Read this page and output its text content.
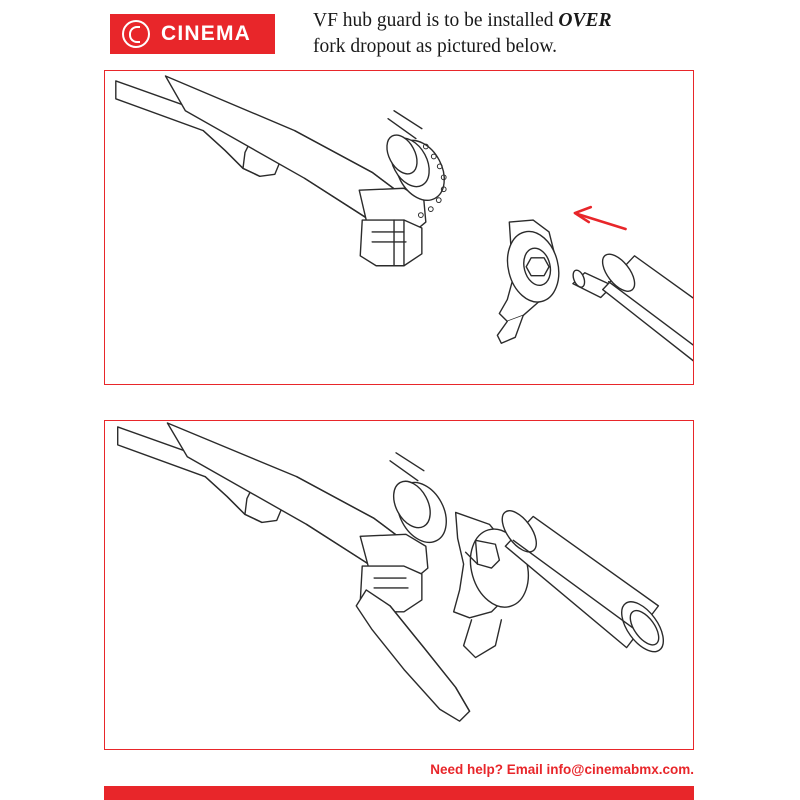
CINEMA
VF hub guard is to be installed OVER
fork dropout as pictured below.
Need help? Email info@cinemabmx.com.
